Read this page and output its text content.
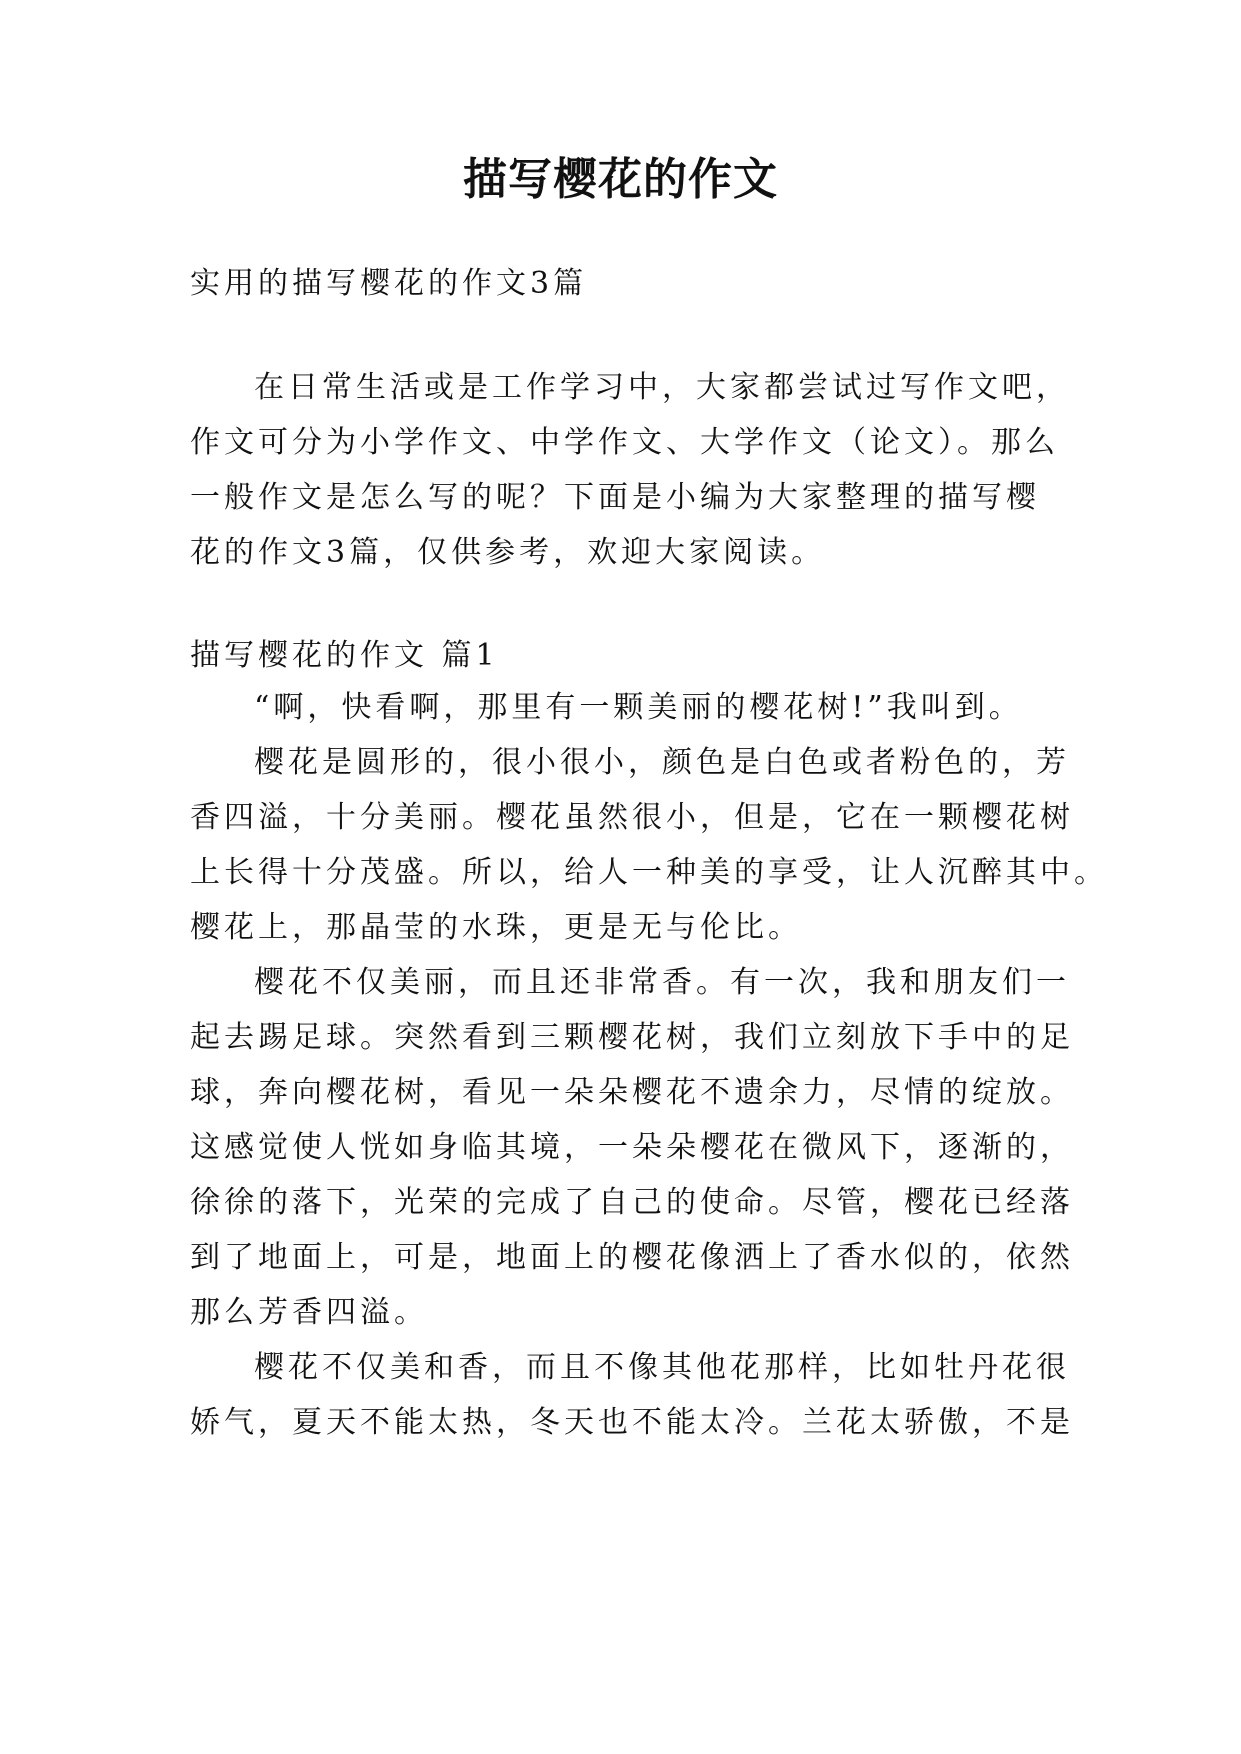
描写樱花的作文
实用的描写樱花的作文3篇
在日常生活或是工作学习中，大家都尝试过写作文吧，
作文可分为小学作文、中学作文、大学作文（论文）。那么
一般作文是怎么写的呢？下面是小编为大家整理的描写樱
花的作文3篇，仅供参考，欢迎大家阅读。
描写樱花的作文 篇1
“啊，快看啊，那里有一颗美丽的樱花树!”我叫到。
樱花是圆形的，很小很小，颜色是白色或者粉色的，芳
香四溢，十分美丽。樱花虽然很小，但是，它在一颗樱花树
上长得十分茂盛。所以，给人一种美的享受，让人沉醉其中。
樱花上，那晶莹的水珠，更是无与伦比。
樱花不仅美丽，而且还非常香。有一次，我和朋友们一
起去踢足球。突然看到三颗樱花树，我们立刻放下手中的足
球，奔向樱花树，看见一朵朵樱花不遗余力，尽情的绽放。
这感觉使人恍如身临其境，一朵朵樱花在微风下，逐渐的，
徐徐的落下，光荣的完成了自己的使命。尽管，樱花已经落
到了地面上，可是，地面上的樱花像洒上了香水似的，依然
那么芳香四溢。
樱花不仅美和香，而且不像其他花那样，比如牡丹花很
娇气，夏天不能太热，冬天也不能太冷。兰花太骄傲，不是
